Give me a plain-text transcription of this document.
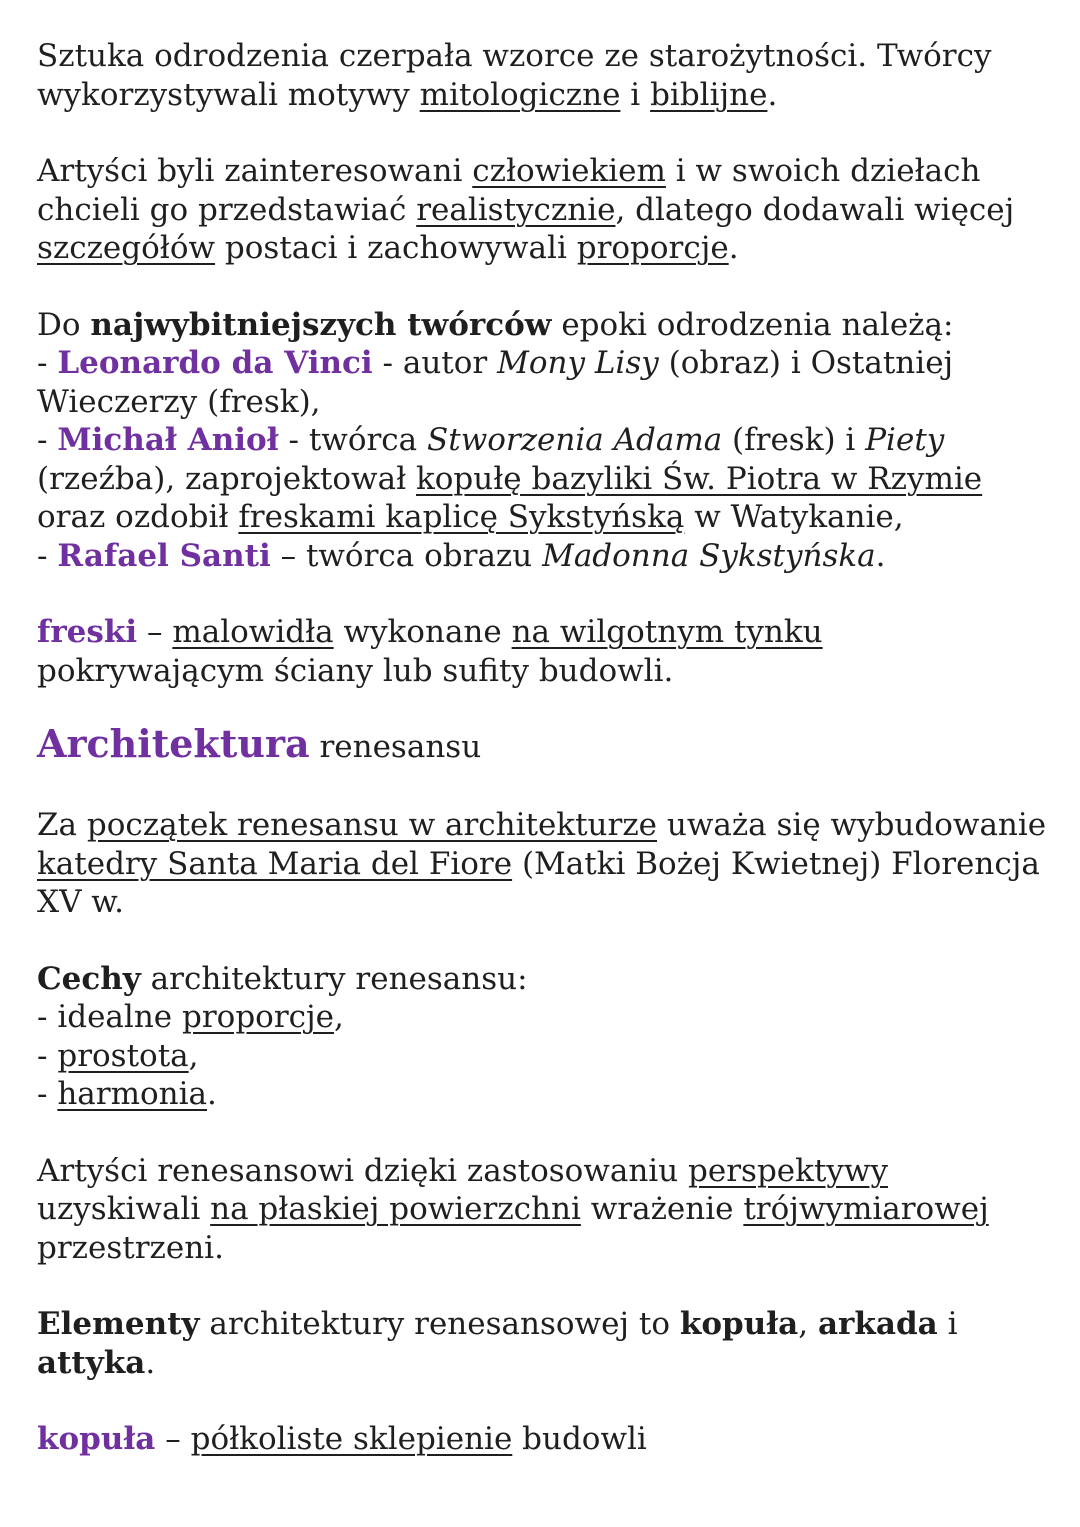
Sztuka odrodzenia czerpała wzorce ze starożytności. Twórcy wykorzystywali motywy mitologiczne i biblijne.

Artyści byli zainteresowani człowiekiem i w swoich dziełach chcieli go przedstawiać realistycznie, dlatego dodawali więcej szczegółów postaci i zachowywali proporcje.

Do najwybitniejszych twórców epoki odrodzenia należą:

- Leonardo da Vinci - autor Mony Lisy (obraz) i Ostatniej Wieczerzy (fresk),

- Michał Anioł - twórca Stworzenia Adama (fresk) i Piety (rzeźba), zaprojektował kopułę bazyliki Św. Piotra w Rzymie oraz ozdobił freskami kaplicę Sykstyńską w Watykanie,

- Rafael Santi – twórca obrazu Madonna Sykstyńska.

freski – malowidła wykonane na wilgotnym tynku pokrywającym ściany lub sufity budowli.

Architektura renesansu

Za początek renesansu w architekturze uważa się wybudowanie katedry Santa Maria del Fiore (Matki Bożej Kwietnej) Florencja XV w.

Cechy architektury renesansu:

- idealne proporcje,

- prostota,

- harmonia.

Artyści renesansowi dzięki zastosowaniu perspektywy uzyskiwali na płaskiej powierzchni wrażenie trójwymiarowej przestrzeni.

Elementy architektury renesansowej to kopuła, arkada i attyka.

kopuła – półkoliste sklepienie budowli
